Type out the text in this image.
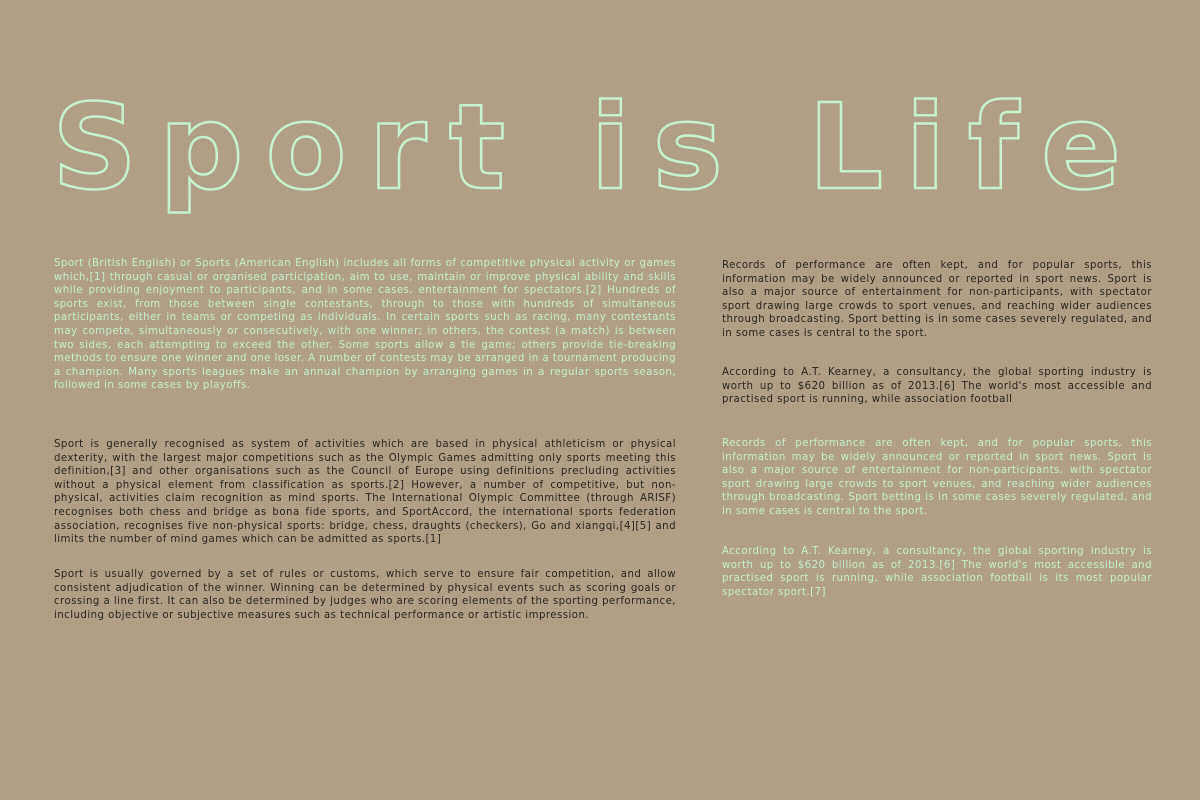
Sport is Life

Sport (British English) or Sports (American English) includes all forms of competitive physical activity or games which,[1] through casual or organised participation, aim to use, maintain or improve physical ability and skills while providing enjoyment to participants, and in some cases, entertainment for spectators.[2] Hundreds of sports exist, from those between single contestants, through to those with hundreds of simultaneous participants, either in teams or competing as individuals. In certain sports such as racing, many contestants may compete, simultaneously or consecutively, with one winner; in others, the contest (a match) is between two sides, each attempting to exceed the other. Some sports allow a tie game; others provide tie-breaking methods to ensure one winner and one loser. A number of contests may be arranged in a tournament producing a champion. Many sports leagues make an annual champion by arranging games in a regular sports season, followed in some cases by playoffs.

Sport is generally recognised as system of activities which are based in physical athleticism or physical dexterity, with the largest major competitions such as the Olympic Games admitting only sports meeting this definition,[3] and other organisations such as the Council of Europe using definitions precluding activities without a physical element from classification as sports.[2] However, a number of competitive, but non-physical, activities claim recognition as mind sports. The International Olympic Committee (through ARISF) recognises both chess and bridge as bona fide sports, and SportAccord, the international sports federation association, recognises five non-physical sports: bridge, chess, draughts (checkers), Go and xiangqi,[4][5] and limits the number of mind games which can be admitted as sports.[1]

Sport is usually governed by a set of rules or customs, which serve to ensure fair competition, and allow consistent adjudication of the winner. Winning can be determined by physical events such as scoring goals or crossing a line first. It can also be determined by judges who are scoring elements of the sporting performance, including objective or subjective measures such as technical performance or artistic impression.

Records of performance are often kept, and for popular sports, this information may be widely announced or reported in sport news. Sport is also a major source of entertainment for non-participants, with spectator sport drawing large crowds to sport venues, and reaching wider audiences through broadcasting. Sport betting is in some cases severely regulated, and in some cases is central to the sport.

According to A.T. Kearney, a consultancy, the global sporting industry is worth up to $620 billion as of 2013.[6] The world's most accessible and practised sport is running, while association football

Records of performance are often kept, and for popular sports, this information may be widely announced or reported in sport news. Sport is also a major source of entertainment for non-participants, with spectator sport drawing large crowds to sport venues, and reaching wider audiences through broadcasting. Sport betting is in some cases severely regulated, and in some cases is central to the sport.

According to A.T. Kearney, a consultancy, the global sporting industry is worth up to $620 billion as of 2013.[6] The world's most accessible and practised sport is running, while association football is its most popular spectator sport.[7]
